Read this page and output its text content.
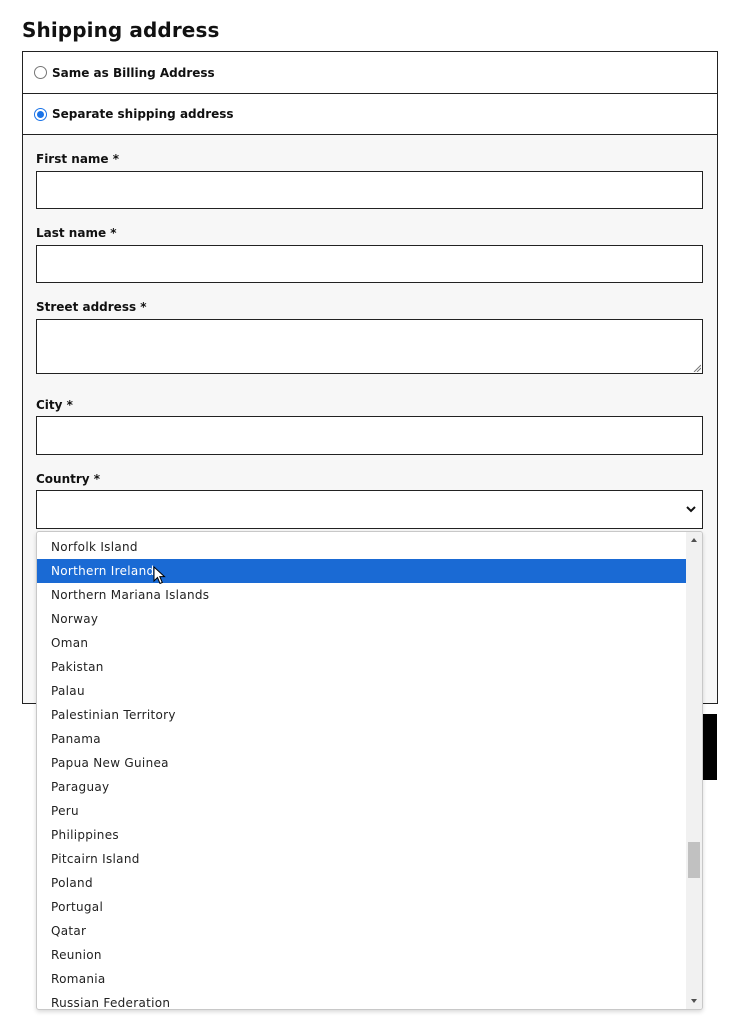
Shipping address
Same as Billing Address
Separate shipping address
First name *
Last name *
Street address *
City *
Country *
Norfolk Island
Northern Ireland
Northern Mariana Islands
Norway
Oman
Pakistan
Palau
Palestinian Territory
Panama
Papua New Guinea
Paraguay
Peru
Philippines
Pitcairn Island
Poland
Portugal
Qatar
Reunion
Romania
Russian Federation
